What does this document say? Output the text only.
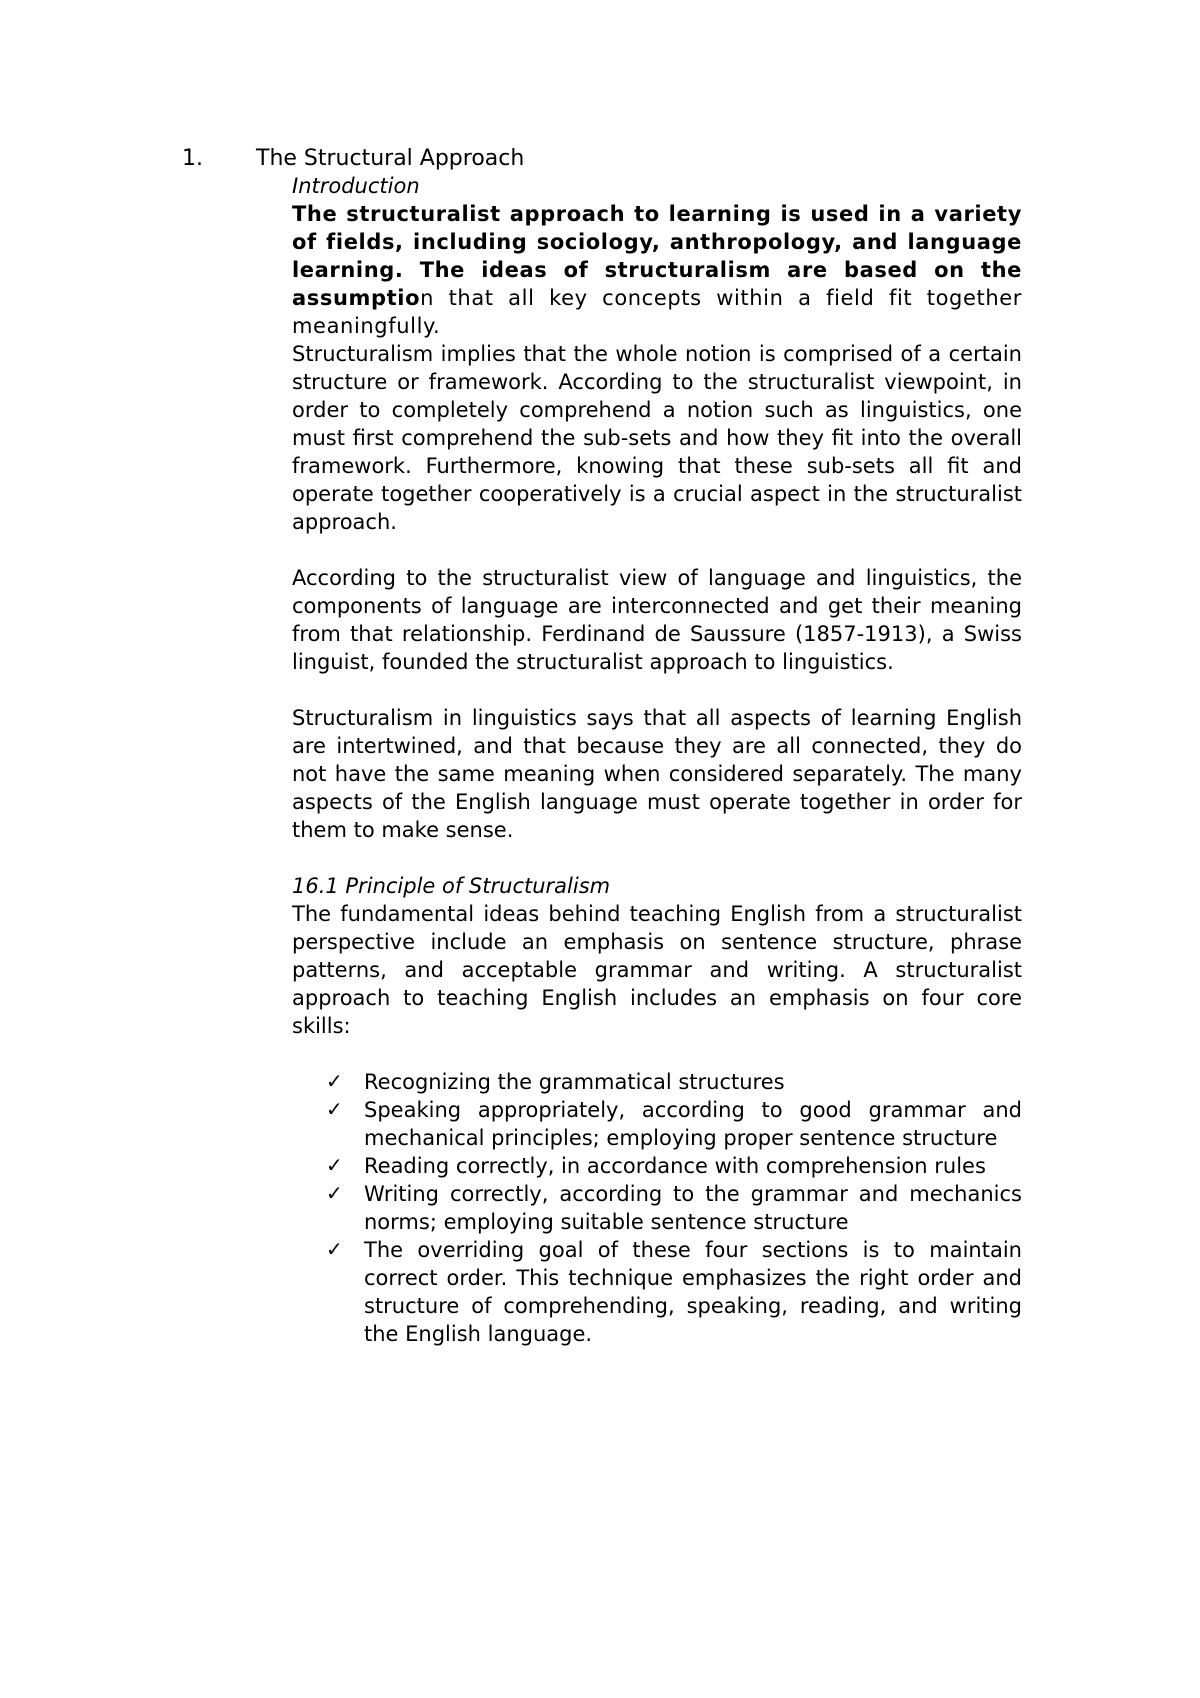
1. The Structural Approach

Introduction

The structuralist approach to learning is used in a variety of fields, including sociology, anthropology, and language learning. The ideas of structuralism are based on the assumption that all key concepts within a field fit together meaningfully.

Structuralism implies that the whole notion is comprised of a certain structure or framework. According to the structuralist viewpoint, in order to completely comprehend a notion such as linguistics, one must first comprehend the sub-sets and how they fit into the overall framework. Furthermore, knowing that these sub-sets all fit and operate together cooperatively is a crucial aspect in the structuralist approach.

According to the structuralist view of language and linguistics, the components of language are interconnected and get their meaning from that relationship. Ferdinand de Saussure (1857-1913), a Swiss linguist, founded the structuralist approach to linguistics.

Structuralism in linguistics says that all aspects of learning English are intertwined, and that because they are all connected, they do not have the same meaning when considered separately. The many aspects of the English language must operate together in order for them to make sense.

16.1 Principle of Structuralism

The fundamental ideas behind teaching English from a structuralist perspective include an emphasis on sentence structure, phrase patterns, and acceptable grammar and writing. A structuralist approach to teaching English includes an emphasis on four core skills:

✓ Recognizing the grammatical structures
✓ Speaking appropriately, according to good grammar and mechanical principles; employing proper sentence structure
✓ Reading correctly, in accordance with comprehension rules
✓ Writing correctly, according to the grammar and mechanics norms; employing suitable sentence structure
✓ The overriding goal of these four sections is to maintain correct order. This technique emphasizes the right order and structure of comprehending, speaking, reading, and writing the English language.
